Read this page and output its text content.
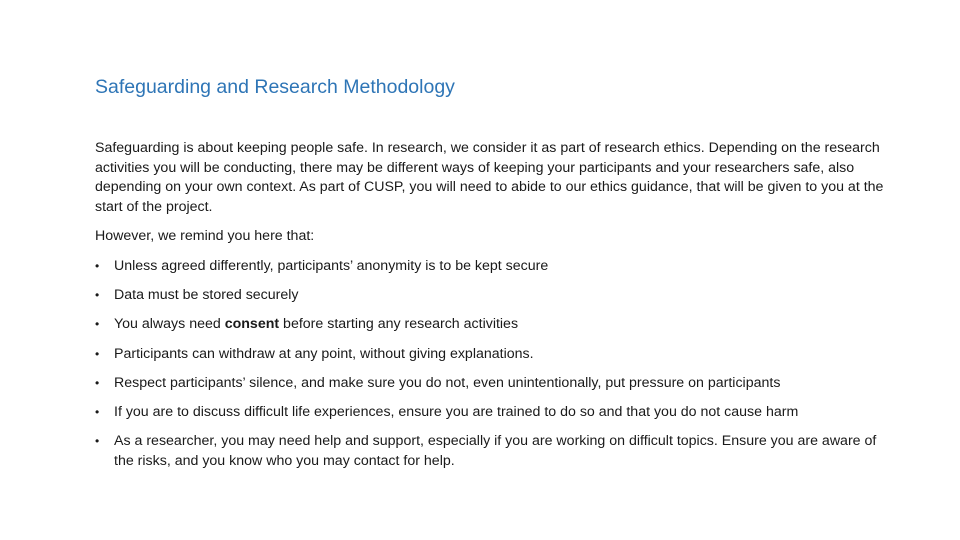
Safeguarding and Research Methodology

Safeguarding is about keeping people safe. In research, we consider it as part of research ethics. Depending on the research activities you will be conducting, there may be different ways of keeping your participants and your researchers safe, also depending on your own context. As part of CUSP, you will need to abide to our ethics guidance, that will be given to you at the start of the project.

However, we remind you here that:

• Unless agreed differently, participants’ anonymity is to be kept secure
• Data must be stored securely
• You always need consent before starting any research activities
• Participants can withdraw at any point, without giving explanations.
• Respect participants’ silence, and make sure you do not, even unintentionally, put pressure on participants
• If you are to discuss difficult life experiences, ensure you are trained to do so and that you do not cause harm
• As a researcher, you may need help and support, especially if you are working on difficult topics. Ensure you are aware of the risks, and you know who you may contact for help.
